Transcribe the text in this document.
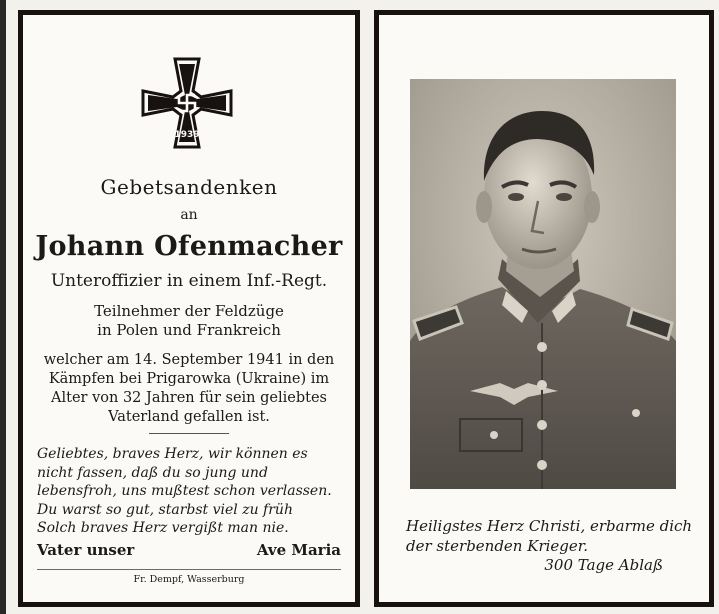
1939
Gebetsandenken
an
Johann Ofenmacher
Unteroffizier in einem Inf.-Regt.
Teilnehmer der Feldzüge
in Polen und Frankreich
welcher am 14. September 1941 in den
Kämpfen bei Prigarowka (Ukraine) im
Alter von 32 Jahren für sein geliebtes
Vaterland gefallen ist.
Geliebtes, braves Herz, wir können es
nicht fassen, daß du so jung und
lebensfroh, uns mußtest schon verlassen.
Du warst so gut, starbst viel zu früh
Solch braves Herz vergißt man nie.
Vater unser	Ave Maria
Fr. Dempf, Wasserburg
Heiligstes Herz Christi, erbarme dich
der sterbenden Krieger.
300 Tage Ablaß
